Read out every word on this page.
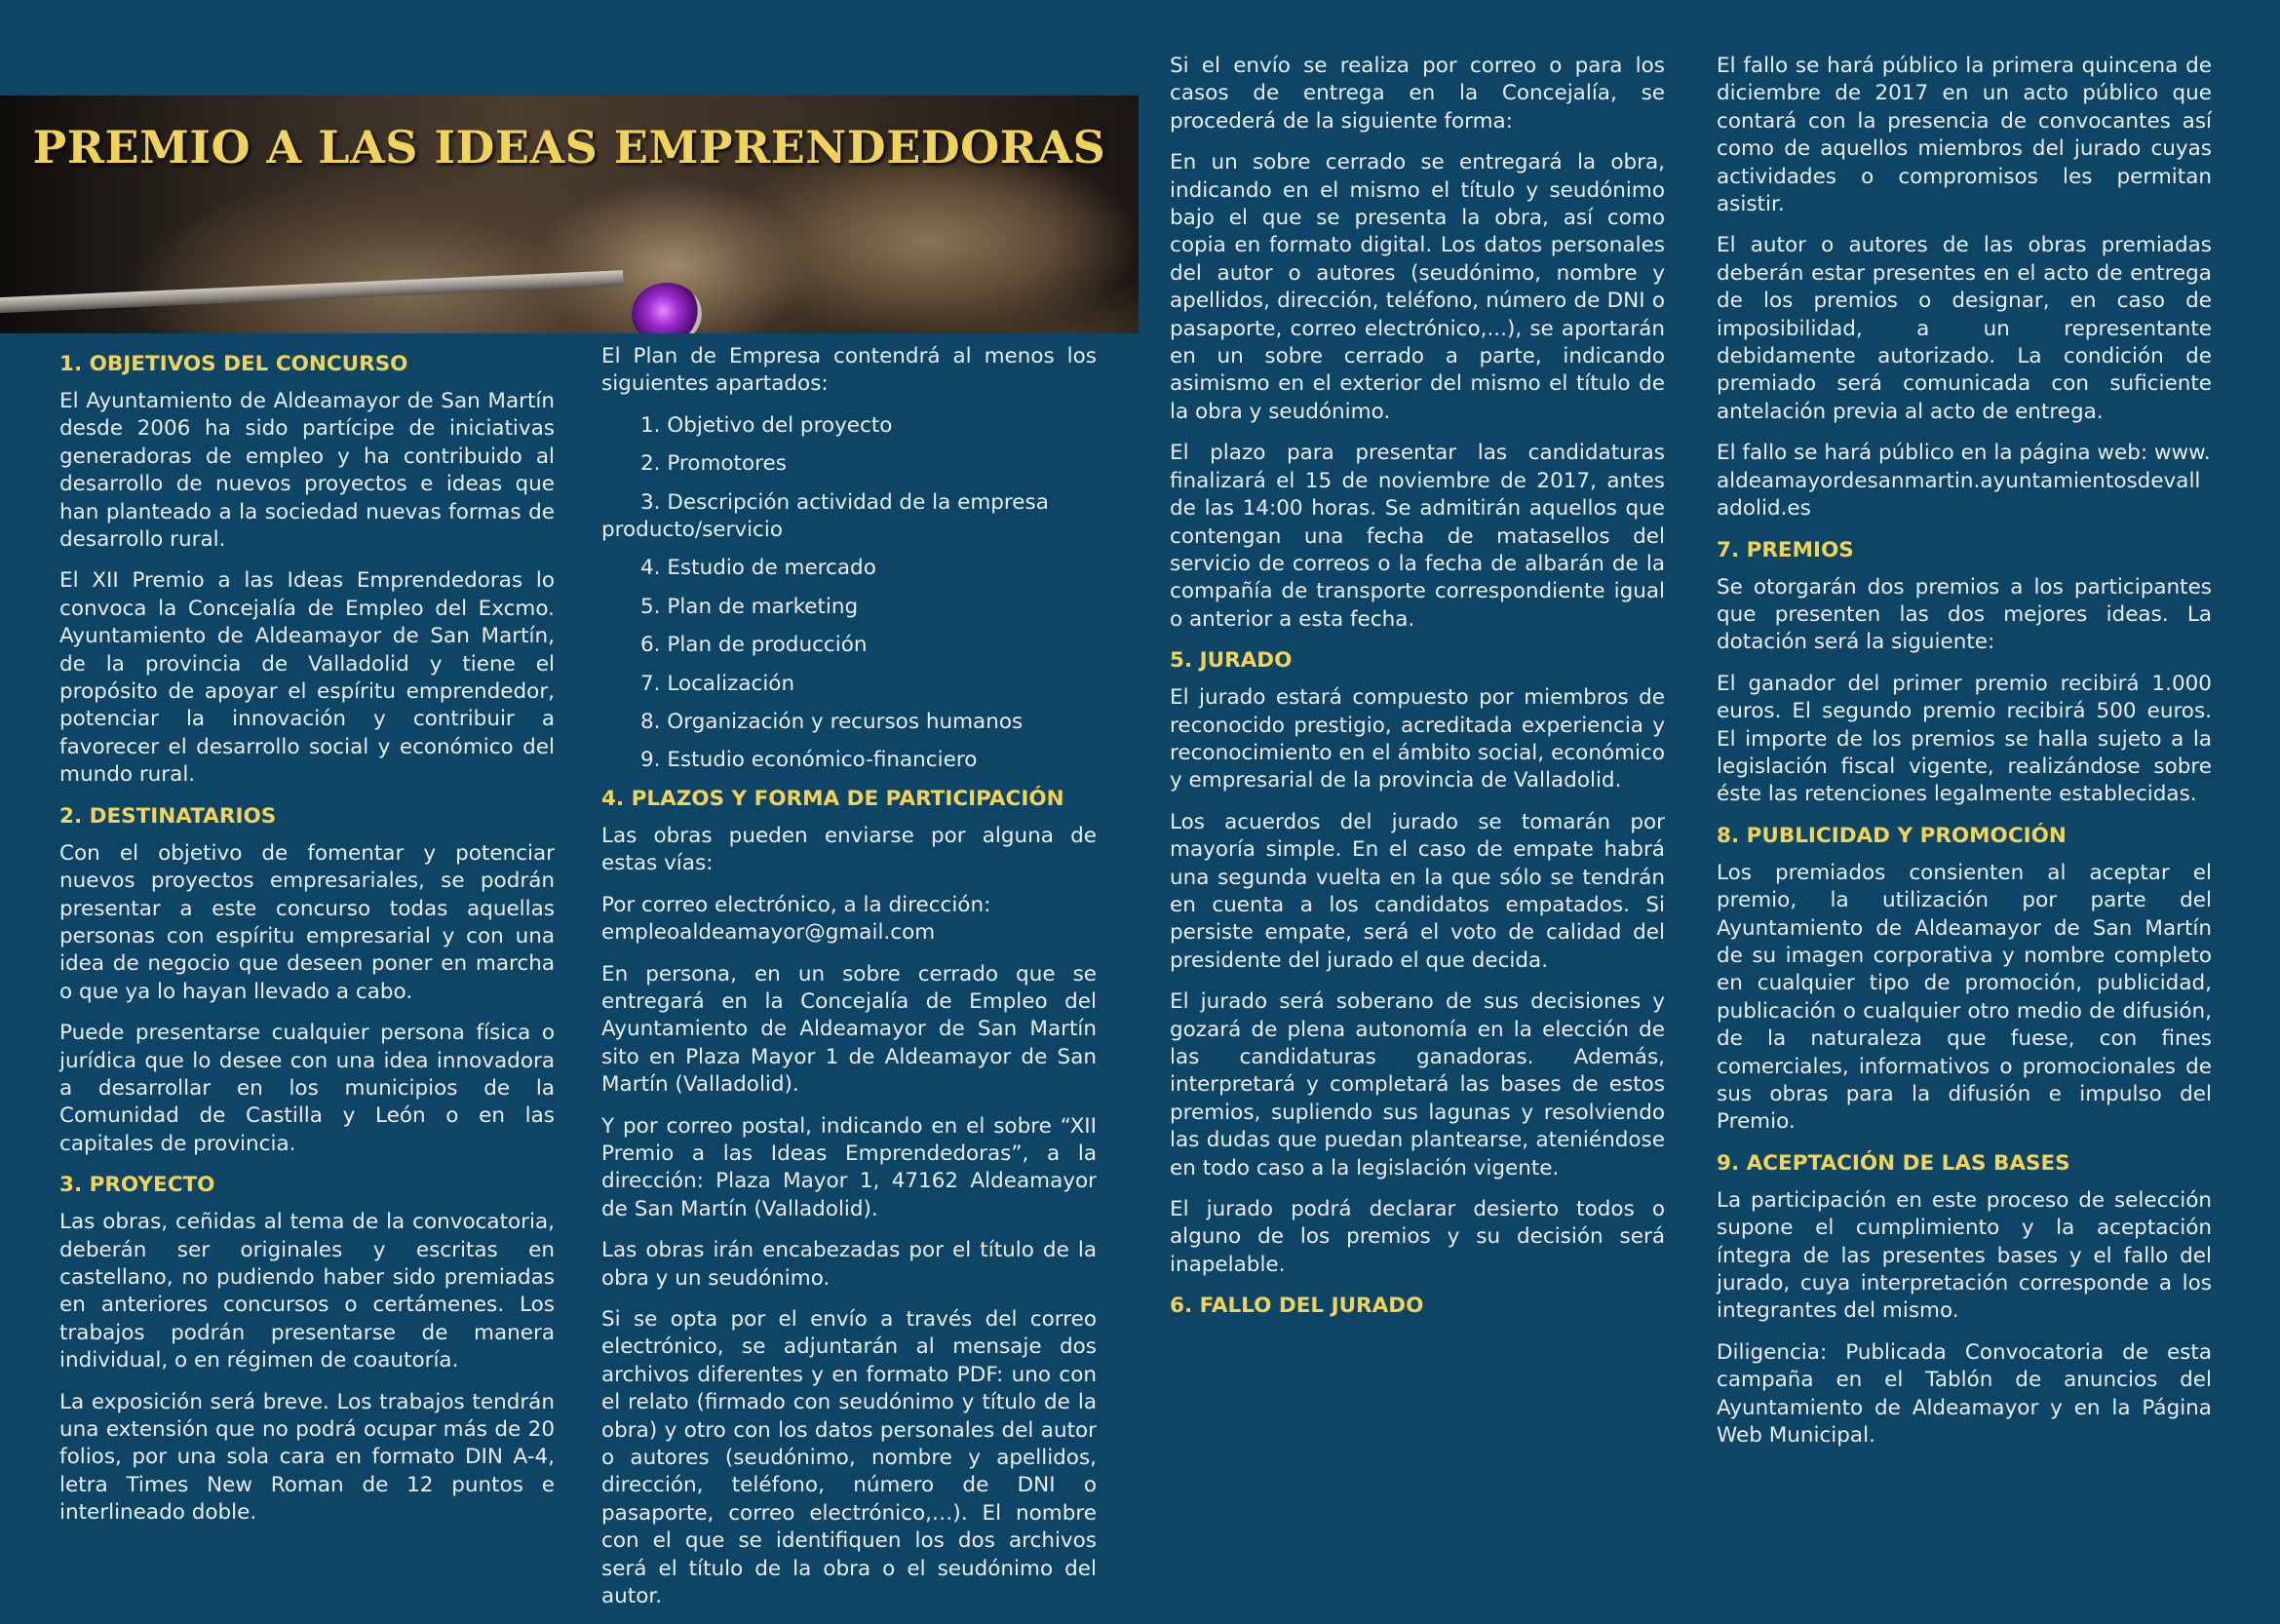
PREMIO A LAS IDEAS EMPRENDEDORAS
1. OBJETIVOS DEL CONCURSO

El Ayuntamiento de Aldeamayor de San Martín desde 2006 ha sido partícipe de iniciativas generadoras de empleo y ha contribuido al desarrollo de nuevos proyectos e ideas que han planteado a la sociedad nuevas formas de desarrollo rural.

El XII Premio a las Ideas Emprendedoras lo convoca la Concejalía de Empleo del Excmo. Ayuntamiento de Aldeamayor de San Martín, de la provincia de Valladolid y tiene el propósito de apoyar el espíritu emprendedor, potenciar la innovación y contribuir a favorecer el desarrollo social y económico del mundo rural.

2. DESTINATARIOS

Con el objetivo de fomentar y potenciar nuevos proyectos empresariales, se podrán presentar a este concurso todas aquellas personas con espíritu empresarial y con una idea de negocio que deseen poner en marcha o que ya lo hayan llevado a cabo.

Puede presentarse cualquier persona física o jurídica que lo desee con una idea innovadora a desarrollar en los municipios de la Comunidad de Castilla y León o en las capitales de provincia.

3. PROYECTO

Las obras, ceñidas al tema de la convocatoria, deberán ser originales y escritas en castellano, no pudiendo haber sido premiadas en anteriores concursos o certámenes. Los trabajos podrán presentarse de manera individual, o en régimen de coautoría.

La exposición será breve. Los trabajos tendrán una extensión que no podrá ocupar más de 20 folios, por una sola cara en formato DIN A-4, letra Times New Roman de 12 puntos e interlineado doble.

El Plan de Empresa contendrá al menos los siguientes apartados:

1. Objetivo del proyecto
2. Promotores
3. Descripción actividad de la empresa producto/servicio
4. Estudio de mercado
5. Plan de marketing
6. Plan de producción
7. Localización
8. Organización y recursos humanos
9. Estudio económico-financiero
4. PLAZOS Y FORMA DE PARTICIPACIÓN

Las obras pueden enviarse por alguna de estas vías:

Por correo electrónico, a la dirección: empleoaldeamayor@gmail.com

En persona, en un sobre cerrado que se entregará en la Concejalía de Empleo del Ayuntamiento de Aldeamayor de San Martín sito en Plaza Mayor 1 de Aldeamayor de San Martín (Valladolid).

Y por correo postal, indicando en el sobre “XII Premio a las Ideas Emprendedoras”, a la dirección: Plaza Mayor 1, 47162 Aldeamayor de San Martín (Valladolid).

Las obras irán encabezadas por el título de la obra y un seudónimo.

Si se opta por el envío a través del correo electrónico, se adjuntarán al mensaje dos archivos diferentes y en formato PDF: uno con el relato (firmado con seudónimo y título de la obra) y otro con los datos personales del autor o autores (seudónimo, nombre y apellidos, dirección, teléfono, número de DNI o pasaporte, correo electrónico,…). El nombre con el que se identifiquen los dos archivos será el título de la obra o el seudónimo del autor.

Si el envío se realiza por correo o para los casos de entrega en la Concejalía, se procederá de la siguiente forma:

En un sobre cerrado se entregará la obra, indicando en el mismo el título y seudónimo bajo el que se presenta la obra, así como copia en formato digital. Los datos personales del autor o autores (seudónimo, nombre y apellidos, dirección, teléfono, número de DNI o pasaporte, correo electrónico,...), se aportarán en un sobre cerrado a parte, indicando asimismo en el exterior del mismo el título de la obra y seudónimo.

El plazo para presentar las candidaturas finalizará el 15 de noviembre de 2017, antes de las 14:00 horas. Se admitirán aquellos que contengan una fecha de matasellos del servicio de correos o la fecha de albarán de la compañía de transporte correspondiente igual o anterior a esta fecha.

5. JURADO

El jurado estará compuesto por miembros de reconocido prestigio, acreditada experiencia y reconocimiento en el ámbito social, económico y empresarial de la provincia de Valladolid.

Los acuerdos del jurado se tomarán por mayoría simple. En el caso de empate habrá una segunda vuelta en la que sólo se tendrán en cuenta a los candidatos empatados. Si persiste empate, será el voto de calidad del presidente del jurado el que decida.

El jurado será soberano de sus decisiones y gozará de plena autonomía en la elección de las candidaturas ganadoras. Además, interpretará y completará las bases de estos premios, supliendo sus lagunas y resolviendo las dudas que puedan plantearse, ateniéndose en todo caso a la legislación vigente.

El jurado podrá declarar desierto todos o alguno de los premios y su decisión será inapelable.

6. FALLO DEL JURADO

El fallo se hará público la primera quincena de diciembre de 2017 en un acto público que contará con la presencia de convocantes así como de aquellos miembros del jurado cuyas actividades o compromisos les permitan asistir.

El autor o autores de las obras premiadas deberán estar presentes en el acto de entrega de los premios o designar, en caso de imposibilidad, a un representante debidamente autorizado. La condición de premiado será comunicada con suficiente antelación previa al acto de entrega.

El fallo se hará público en la página web: www.aldeamayordesanmartin.ayuntamientosdevalladolid.es

7. PREMIOS

Se otorgarán dos premios a los participantes que presenten las dos mejores ideas. La dotación será la siguiente:

El ganador del primer premio recibirá 1.000 euros. El segundo premio recibirá 500 euros. El importe de los premios se halla sujeto a la legislación fiscal vigente, realizándose sobre éste las retenciones legalmente establecidas.

8. PUBLICIDAD Y PROMOCIÓN

Los premiados consienten al aceptar el premio, la utilización por parte del Ayuntamiento de Aldeamayor de San Martín de su imagen corporativa y nombre completo en cualquier tipo de promoción, publicidad, publicación o cualquier otro medio de difusión, de la naturaleza que fuese, con fines comerciales, informativos o promocionales de sus obras para la difusión e impulso del Premio.

9. ACEPTACIÓN DE LAS BASES

La participación en este proceso de selección supone el cumplimiento y la aceptación íntegra de las presentes bases y el fallo del jurado, cuya interpretación corresponde a los integrantes del mismo.

Diligencia: Publicada Convocatoria de esta campaña en el Tablón de anuncios del Ayuntamiento de Aldeamayor y en la Página Web Municipal.
